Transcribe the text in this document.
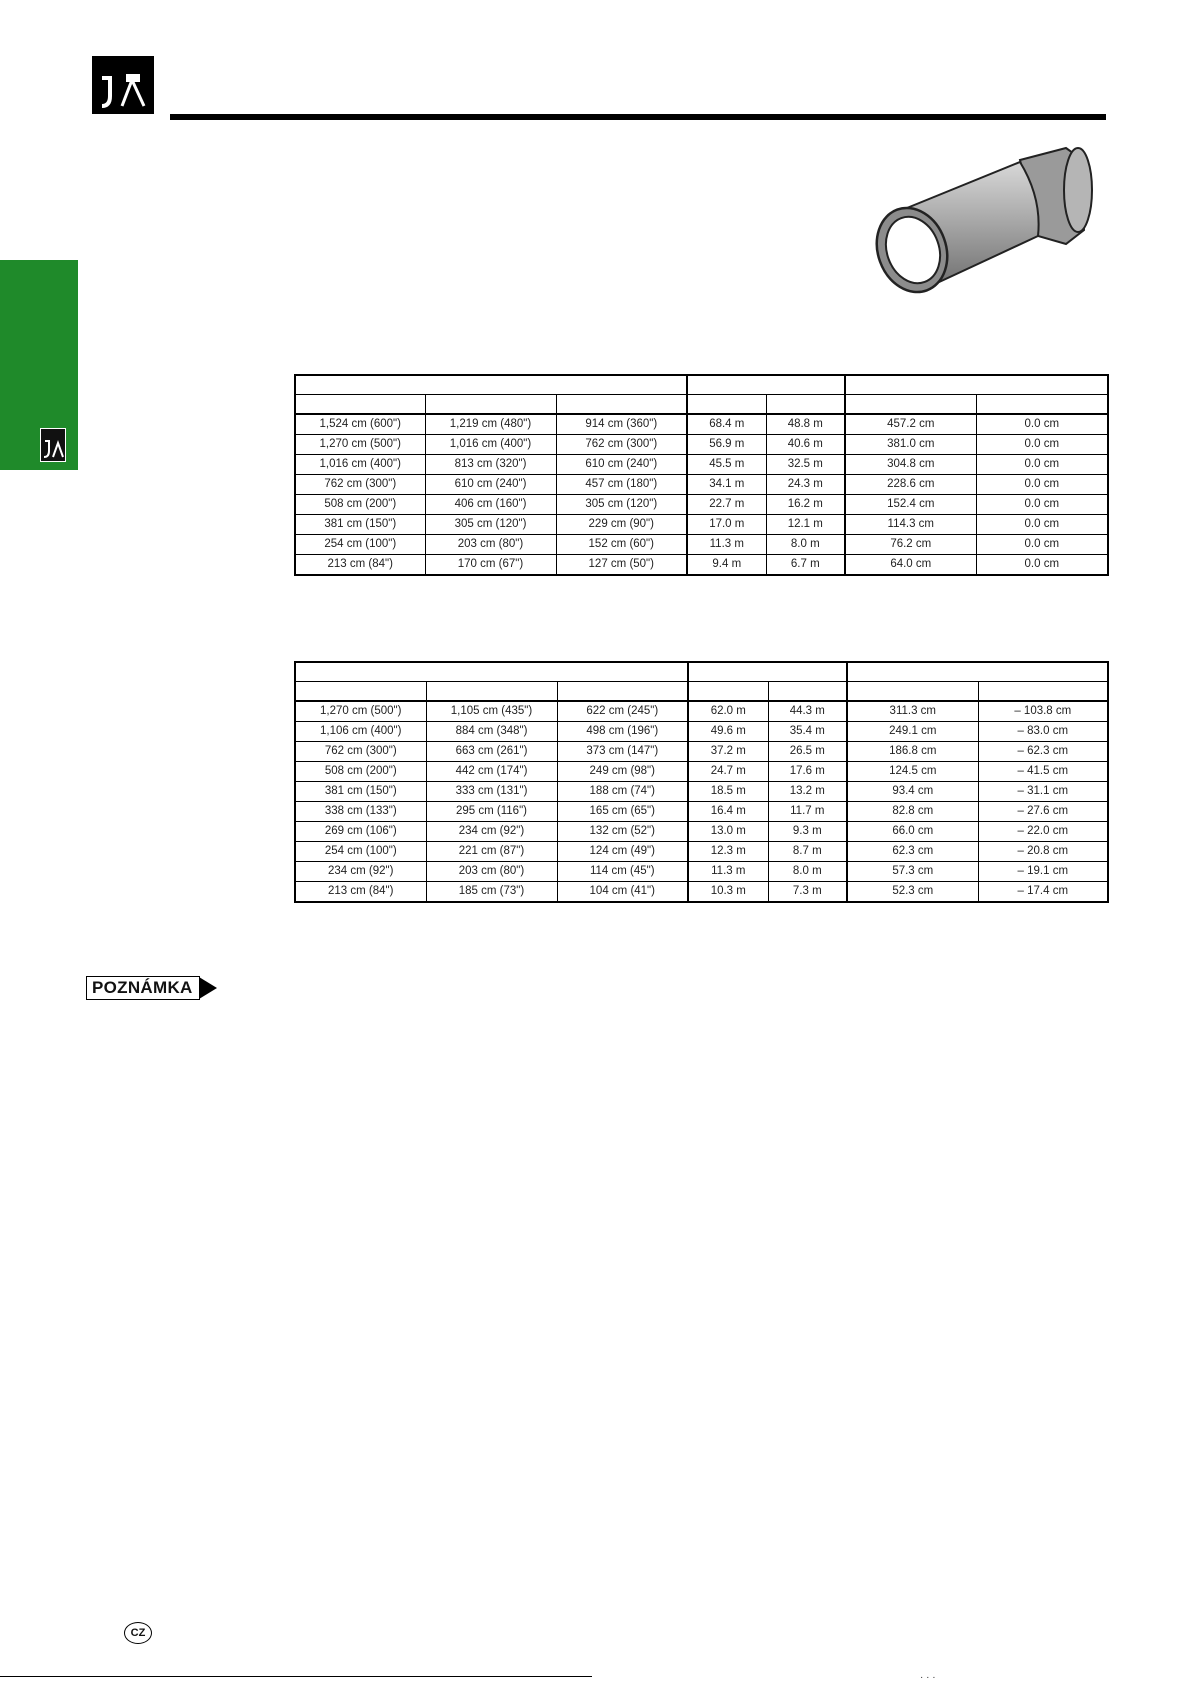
1,524 cm (600")	1,219 cm (480")	914 cm (360")	68.4 m	48.8 m	457.2 cm	0.0 cm
1,270 cm (500")	1,016 cm (400")	762 cm (300")	56.9 m	40.6 m	381.0 cm	0.0 cm
1,016 cm (400")	813 cm (320")	610 cm (240")	45.5 m	32.5 m	304.8 cm	0.0 cm
762 cm (300")	610 cm (240")	457 cm (180")	34.1 m	24.3 m	228.6 cm	0.0 cm
508 cm (200")	406 cm (160")	305 cm (120")	22.7 m	16.2 m	152.4 cm	0.0 cm
381 cm (150")	305 cm (120")	229 cm (90")	17.0 m	12.1 m	114.3 cm	0.0 cm
254 cm (100")	203 cm (80")	152 cm (60")	11.3 m	8.0 m	76.2 cm	0.0 cm
213 cm (84")	170 cm (67")	127 cm (50")	9.4 m	6.7 m	64.0 cm	0.0 cm

1,270 cm (500")	1,105 cm (435")	622 cm (245")	62.0 m	44.3 m	311.3 cm	– 103.8 cm
1,106 cm (400")	884 cm (348")	498 cm (196")	49.6 m	35.4 m	249.1 cm	– 83.0 cm
762 cm (300")	663 cm (261")	373 cm (147")	37.2 m	26.5 m	186.8 cm	– 62.3 cm
508 cm (200")	442 cm (174")	249 cm (98")	24.7 m	17.6 m	124.5 cm	– 41.5 cm
381 cm (150")	333 cm (131")	188 cm (74")	18.5 m	13.2 m	93.4 cm	– 31.1 cm
338 cm (133")	295 cm (116")	165 cm (65")	16.4 m	11.7 m	82.8 cm	– 27.6 cm
269 cm (106")	234 cm (92")	132 cm (52")	13.0 m	9.3 m	66.0 cm	– 22.0 cm
254 cm (100")	221 cm (87")	124 cm (49")	12.3 m	8.7 m	62.3 cm	– 20.8 cm
234 cm (92")	203 cm (80")	114 cm (45")	11.3 m	8.0 m	57.3 cm	– 19.1 cm
213 cm (84")	185 cm (73")	104 cm (41")	10.3 m	7.3 m	52.3 cm	– 17.4 cm
POZNÁMKA
CZ
· · ·
